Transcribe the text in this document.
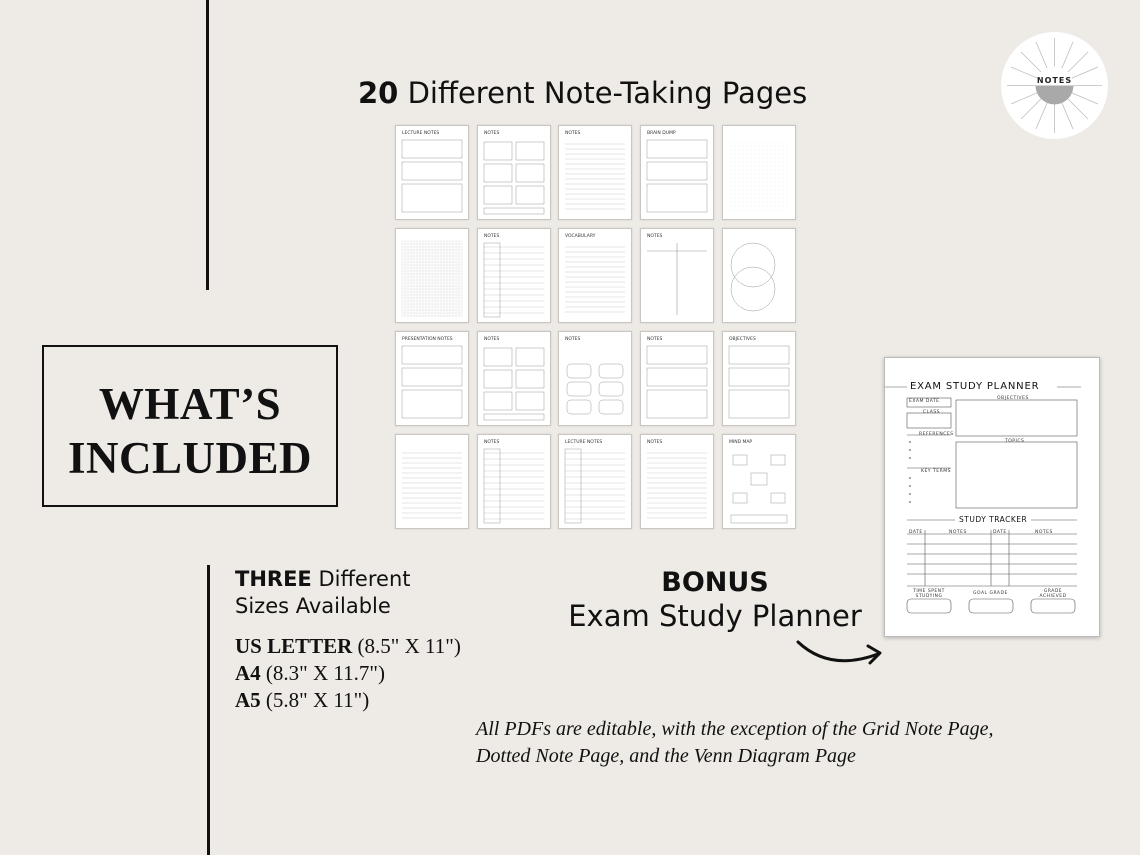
20 Different Note-Taking Pages
LECTURE NOTES	NOTES	NOTES	BRAIN DUMP
NOTES	VOCABULARY	NOTES
PRESENTATION NOTES	NOTES	NOTES	NOTES	OBJECTIVES
NOTES	LECTURE NOTES	NOTES	MIND MAP
WHAT’S
INCLUDED
THREE Different
Sizes Available
US LETTER (8.5" X 11")
A4 (8.3" X 11.7")
A5 (5.8" X 11")
BONUS
Exam Study Planner
All PDFs are editable, with the exception of the Grid Note Page,
Dotted Note Page, and the Venn Diagram Page
NOTES
EXAM STUDY PLANNER
EXAM DATE
CLASS
OBJECTIVES
REFERENCES
TOPICS
KEY TERMS
STUDY TRACKER
DATE	NOTES	DATE	NOTES
TIME SPENT STUDYING
GOAL GRADE	GRADE ACHIEVED
